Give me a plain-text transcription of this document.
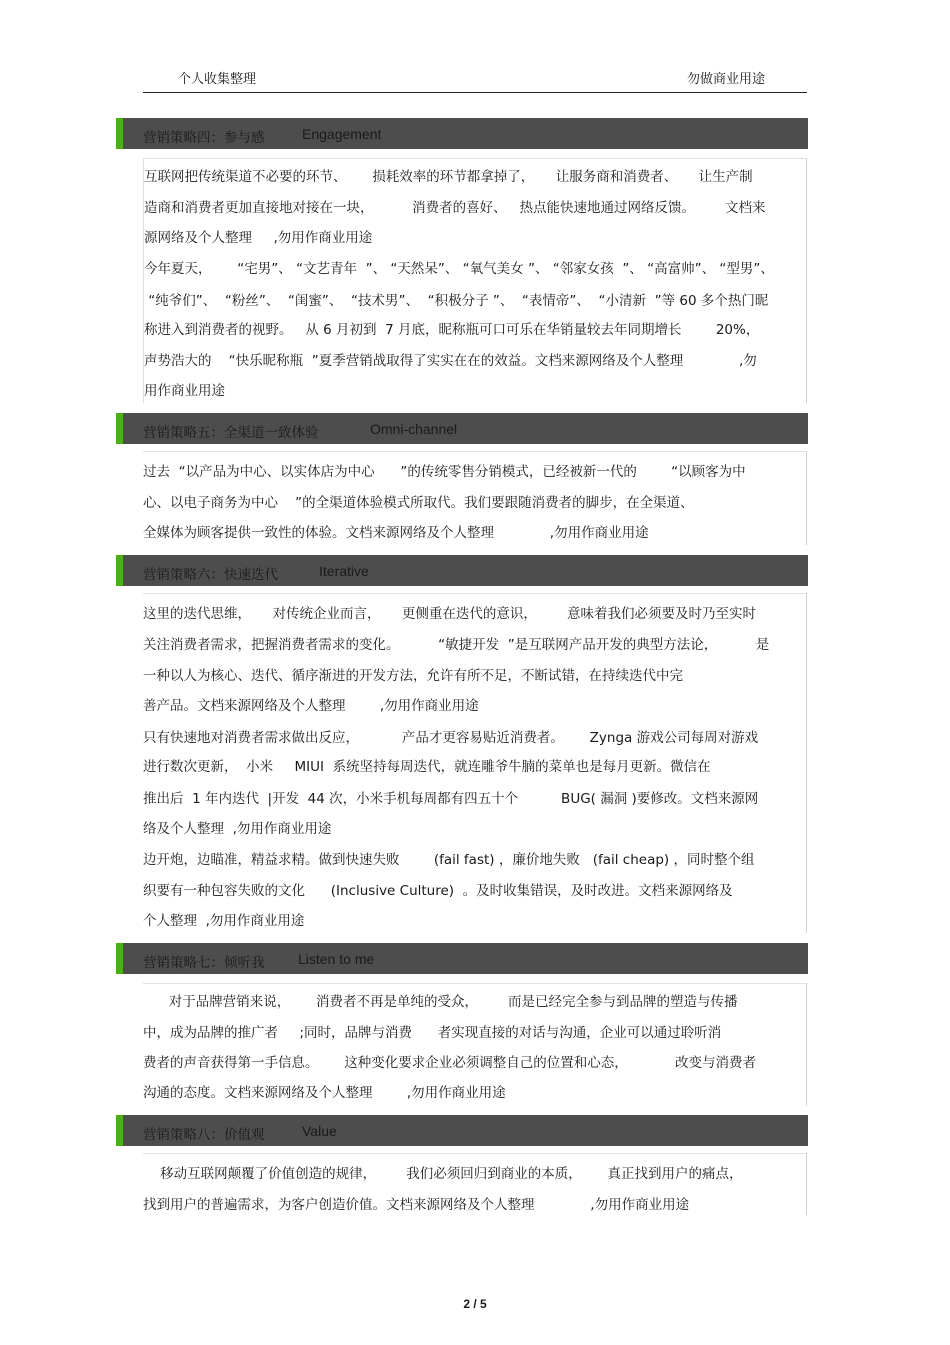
个人收集整理	勿做商业用途
营销策略四：参与感	Engagement
互联网把传统渠道不必要的环节、      损耗效率的环节都拿掉了，     让服务商和消费者、     让生产制
造商和消费者更加直接地对接在一块，         消费者的喜好、   热点能快速地通过网络反馈。       文档来
源网络及个人整理     ,勿用作商业用途
今年夏天，      “宅男”、 “文艺青年  ”、 “天然呆”、 “氧气美女 ”、 “邻家女孩  ”、 “高富帅”、 “型男”、
“纯爷们”、  “粉丝”、  “闺蜜”、  “技术男”、  “积极分子 ”、  “表情帝”、  “小清新  ”等 60 多个热门昵
称进入到消费者的视野。   从 6 月初到  7 月底，昵称瓶可口可乐在华销量较去年同期增长        20%，
声势浩大的    “快乐昵称瓶  ”夏季营销战取得了实实在在的效益。文档来源网络及个人整理             ,勿
用作商业用途
营销策略五：全渠道一致体验	Omni-channel
过去  “以产品为中心、以实体店为中心      ”的传统零售分销模式，已经被新一代的        “以顾客为中
心、以电子商务为中心    ”的全渠道体验模式所取代。我们要跟随消费者的脚步，在全渠道、
全媒体为顾客提供一致性的体验。文档来源网络及个人整理             ,勿用作商业用途
营销策略六：快速迭代	Iterative
这里的迭代思维，     对传统企业而言，     更侧重在迭代的意识，       意味着我们必须要及时乃至实时
关注消费者需求，把握消费者需求的变化。         “敏捷开发  ”是互联网产品开发的典型方法论，         是
一种以人为核心、迭代、循序渐进的开发方法，允许有所不足，不断试错，在持续迭代中完
善产品。文档来源网络及个人整理        ,勿用作商业用途
只有快速地对消费者需求做出反应，          产品才更容易贴近消费者。      Zynga 游戏公司每周对游戏
进行数次更新，  小米     MIUI  系统坚持每周迭代，就连雕爷牛腩的菜单也是每月更新。微信在
推出后  1 年内迭代  |开发  44 次，小米手机每周都有四五十个          BUG( 漏洞 )要修改。文档来源网
络及个人整理  ,勿用作商业用途
边开炮，边瞄准，精益求精。做到快速失败        (fail fast) ，廉价地失败   (fail cheap) ，同时整个组
织要有一种包容失败的文化      (Inclusive Culture)  。及时收集错误，及时改进。文档来源网络及
个人整理  ,勿用作商业用途
营销策略七：倾听我 Listen to me
对于品牌营销来说，      消费者不再是单纯的受众，       而是已经完全参与到品牌的塑造与传播
中，成为品牌的推广者     ;同时，品牌与消费      者实现直接的对话与沟通，企业可以通过聆听消
费者的声音获得第一手信息。      这种变化要求企业必须调整自己的位置和心态，           改变与消费者
沟通的态度。文档来源网络及个人整理        ,勿用作商业用途
营销策略八：价值观	Value
移动互联网颠覆了价值创造的规律，       我们必须回归到商业的本质，      真正找到用户的痛点，
找到用户的普遍需求，为客户创造价值。文档来源网络及个人整理             ,勿用作商业用途
2 / 5
